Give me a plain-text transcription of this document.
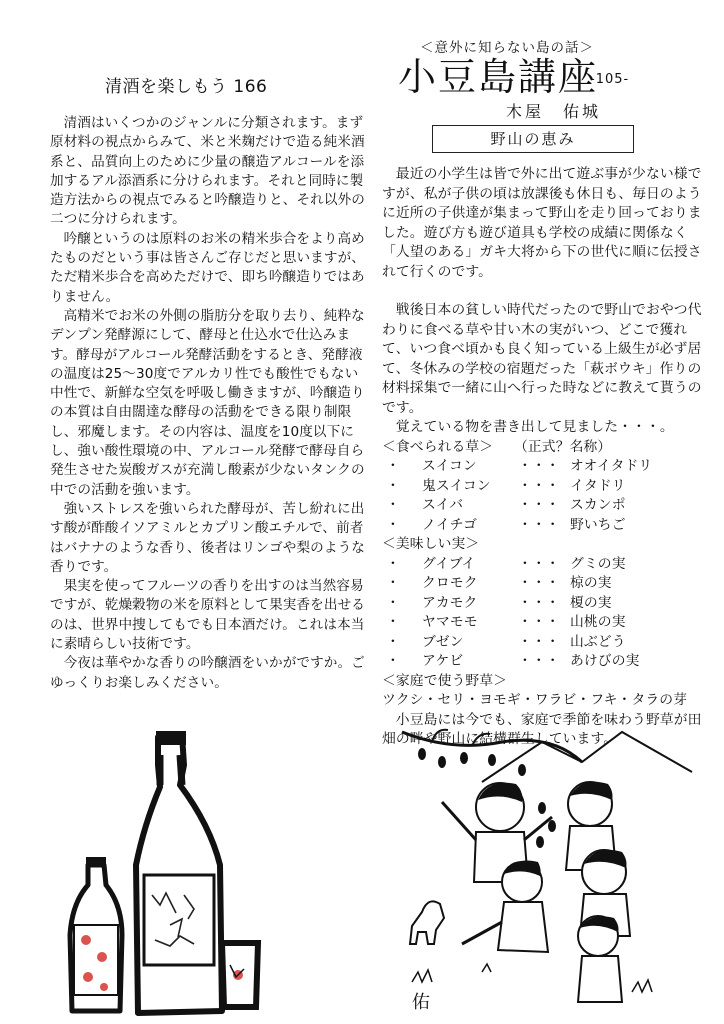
清酒を楽しもう 166

清酒はいくつかのジャンルに分類されます。まず原材料の視点からみて、米と米麹だけで造る純米酒系と、品質向上のために少量の醸造アルコールを添加するアル添酒系に分けられます。それと同時に製造方法からの視点でみると吟醸造りと、それ以外の二つに分けられます。

吟醸というのは原料のお米の精米歩合をより高めたものだという事は皆さんご存じだと思いますが、ただ精米歩合を高めただけで、即ち吟醸造りではありません。

高精米でお米の外側の脂肪分を取り去り、純粋なデンプン発酵源にして、酵母と仕込水で仕込みます。酵母がアルコール発酵活動をするとき、発酵液の温度は25〜30度でアルカリ性でも酸性でもない中性で、新鮮な空気を呼吸し働きますが、吟醸造りの本質は自由闊達な酵母の活動をできる限り制限し、邪魔します。その内容は、温度を10度以下にし、強い酸性環境の中、アルコール発酵で酵母自ら発生させた炭酸ガスが充満し酸素が少ないタンクの中での活動を強います。

強いストレスを強いられた酵母が、苦し紛れに出す酸が酢酸イソアミルとカプリン酸エチルで、前者はバナナのような香り、後者はリンゴや梨のような香りです。

果実を使ってフルーツの香りを出すのは当然容易ですが、乾燥穀物の米を原料として果実香を出せるのは、世界中捜してもでも日本酒だけ。これは本当に素晴らしい技術です。

今夜は華やかな香りの吟醸酒をいかがですか。ごゆっくりお楽しみください。

＜意外に知らない島の話＞
小豆島講座
-105-
木屋　佑城
野山の恵み

最近の小学生は皆で外に出て遊ぶ事が少ない様ですが、私が子供の頃は放課後も休日も、毎日のように近所の子供達が集まって野山を走り回っておりました。遊び方も遊び道具も学校の成績に関係なく「人望のある」ガキ大将から下の世代に順に伝授されて行くのです。

戦後日本の貧しい時代だったので野山でおやつ代わりに食べる草や甘い木の実がいつ、どこで獲れて、いつ食べ頃かも良く知っている上級生が必ず居て、冬休みの学校の宿題だった「萩ボウキ」作りの材料採集で一緒に山へ行った時などに教えて貰うのです。

覚えている物を書き出して見ました・・・。

＜食べられる草＞	（正式？名称）
・	スイコン	・・・ オオイタドリ
・	鬼スイコン	・・・ イタドリ
・	スイバ	・・・ スカンポ
・	ノイチゴ	・・・ 野いちご
＜美味しい実＞
・	グイブイ	・・・ グミの実
・	クロモク	・・・ 椋の実
・	アカモク	・・・ 榎の実
・	ヤマモモ	・・・ 山桃の実
・	ブゼン	・・・ 山ぶどう
・	アケビ	・・・ あけびの実
＜家庭で使う野草＞
ツクシ・セリ・ヨモギ・ワラビ・フキ・タラの芽

小豆島には今でも、家庭で季節を味わう野草が田畑の畔や野山に結構群生しています。

佑
